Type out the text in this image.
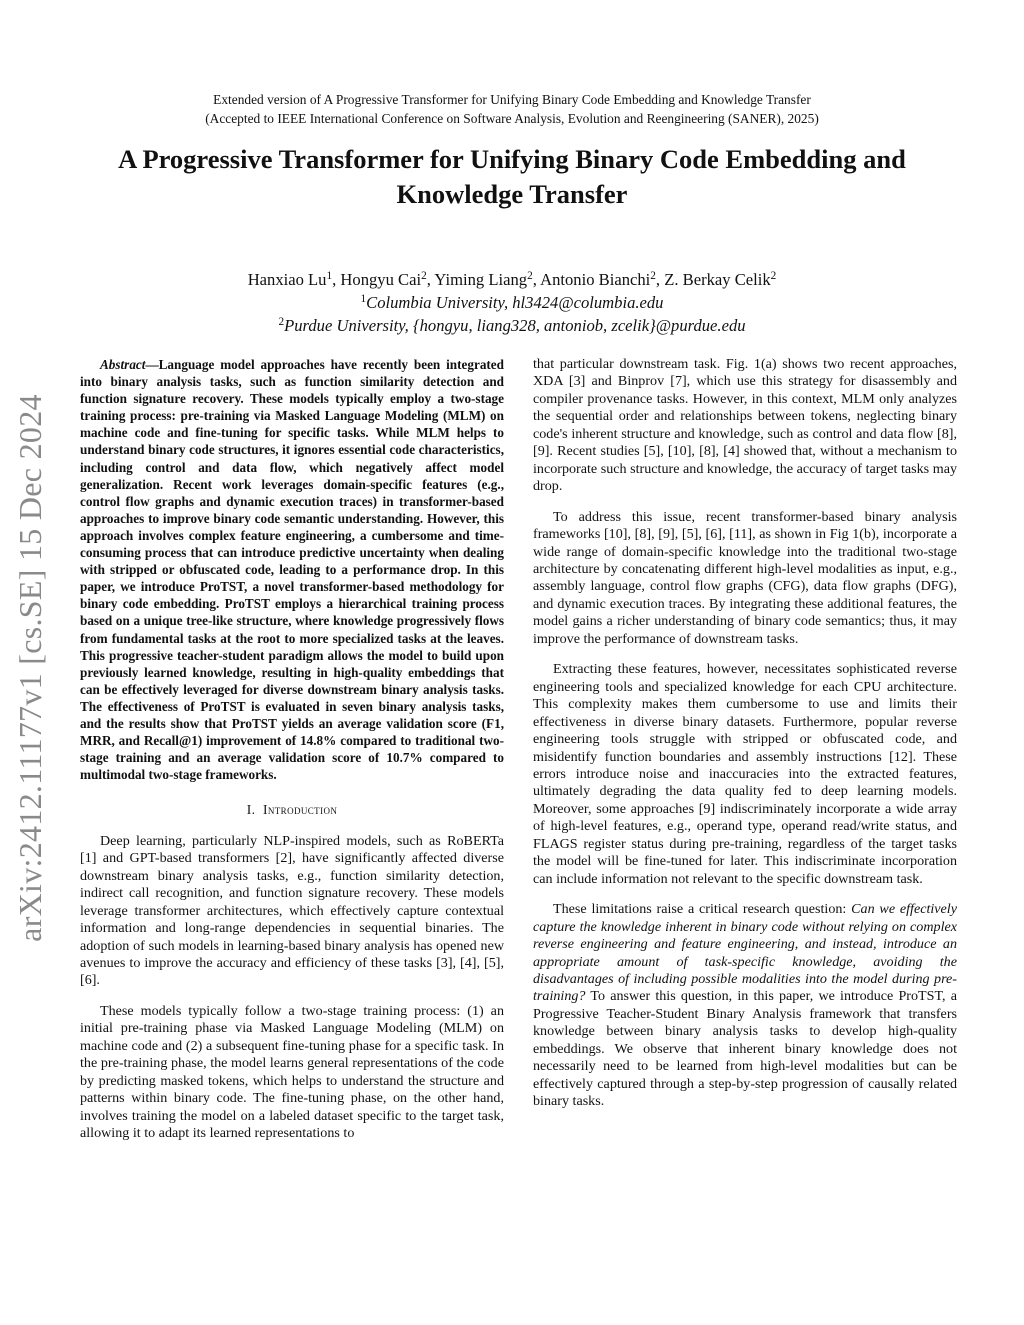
Extended version of A Progressive Transformer for Unifying Binary Code Embedding and Knowledge Transfer
(Accepted to IEEE International Conference on Software Analysis, Evolution and Reengineering (SANER), 2025)
A Progressive Transformer for Unifying Binary Code Embedding and
Knowledge Transfer
Hanxiao Lu$^1$, Hongyu Cai$^2$, Yiming Liang$^2$, Antonio Bianchi$^2$, Z. Berkay Celik$^2$
$^1$Columbia University, hl3424@columbia.edu
$^2$Purdue University, {hongyu, liang328, antoniob, zcelik}@purdue.edu
arXiv:2412.11177v1 [cs.SE] 15 Dec 2024

Abstract—Language model approaches have recently been integrated into binary analysis tasks, such as function similarity detection and function signature recovery. These models typically employ a two-stage training process: pre-training via Masked Language Modeling (MLM) on machine code and fine-tuning for specific tasks. While MLM helps to understand binary code structures, it ignores essential code characteristics, including control and data flow, which negatively affect model generalization. Recent work leverages domain-specific features (e.g., control flow graphs and dynamic execution traces) in transformer-based approaches to improve binary code semantic understanding. However, this approach involves complex feature engineering, a cumbersome and time-consuming process that can introduce predictive uncertainty when dealing with stripped or obfuscated code, leading to a performance drop. In this paper, we introduce ProTST, a novel transformer-based methodology for binary code embedding. ProTST employs a hierarchical training process based on a unique tree-like structure, where knowledge progressively flows from fundamental tasks at the root to more specialized tasks at the leaves. This progressive teacher-student paradigm allows the model to build upon previously learned knowledge, resulting in high-quality embeddings that can be effectively leveraged for diverse downstream binary analysis tasks. The effectiveness of ProTST is evaluated in seven binary analysis tasks, and the results show that ProTST yields an average validation score (F1, MRR, and Recall@1) improvement of 14.8% compared to traditional two-stage training and an average validation score of 10.7% compared to multimodal two-stage frameworks.

I. Introduction

Deep learning, particularly NLP-inspired models, such as RoBERTa [1] and GPT-based transformers [2], have significantly affected diverse downstream binary analysis tasks, e.g., function similarity detection, indirect call recognition, and function signature recovery. These models leverage transformer architectures, which effectively capture contextual information and long-range dependencies in sequential binaries. The adoption of such models in learning-based binary analysis has opened new avenues to improve the accuracy and efficiency of these tasks [3], [4], [5], [6].

These models typically follow a two-stage training process: (1) an initial pre-training phase via Masked Language Modeling (MLM) on machine code and (2) a subsequent fine-tuning phase for a specific task. In the pre-training phase, the model learns general representations of the code by predicting masked tokens, which helps to understand the structure and patterns within binary code. The fine-tuning phase, on the other hand, involves training the model on a labeled dataset specific to the target task, allowing it to adapt its learned representations to

that particular downstream task. Fig. 1(a) shows two recent approaches, XDA [3] and Binprov [7], which use this strategy for disassembly and compiler provenance tasks. However, in this context, MLM only analyzes the sequential order and relationships between tokens, neglecting binary code's inherent structure and knowledge, such as control and data flow [8], [9]. Recent studies [5], [10], [8], [4] showed that, without a mechanism to incorporate such structure and knowledge, the accuracy of target tasks may drop.

To address this issue, recent transformer-based binary analysis frameworks [10], [8], [9], [5], [6], [11], as shown in Fig 1(b), incorporate a wide range of domain-specific knowledge into the traditional two-stage architecture by concatenating different high-level modalities as input, e.g., assembly language, control flow graphs (CFG), data flow graphs (DFG), and dynamic execution traces. By integrating these additional features, the model gains a richer understanding of binary code semantics; thus, it may improve the performance of downstream tasks.

Extracting these features, however, necessitates sophisticated reverse engineering tools and specialized knowledge for each CPU architecture. This complexity makes them cumbersome to use and limits their effectiveness in diverse binary datasets. Furthermore, popular reverse engineering tools struggle with stripped or obfuscated code, and misidentify function boundaries and assembly instructions [12]. These errors introduce noise and inaccuracies into the extracted features, ultimately degrading the data quality fed to deep learning models. Moreover, some approaches [9] indiscriminately incorporate a wide array of high-level features, e.g., operand type, operand read/write status, and FLAGS register status during pre-training, regardless of the target tasks the model will be fine-tuned for later. This indiscriminate incorporation can include information not relevant to the specific downstream task.

These limitations raise a critical research question: Can we effectively capture the knowledge inherent in binary code without relying on complex reverse engineering and feature engineering, and instead, introduce an appropriate amount of task-specific knowledge, avoiding the disadvantages of including possible modalities into the model during pre-training? To answer this question, in this paper, we introduce ProTST, a Progressive Teacher-Student Binary Analysis framework that transfers knowledge between binary analysis tasks to develop high-quality embeddings. We observe that inherent binary knowledge does not necessarily need to be learned from high-level modalities but can be effectively captured through a step-by-step progression of causally related binary tasks.
